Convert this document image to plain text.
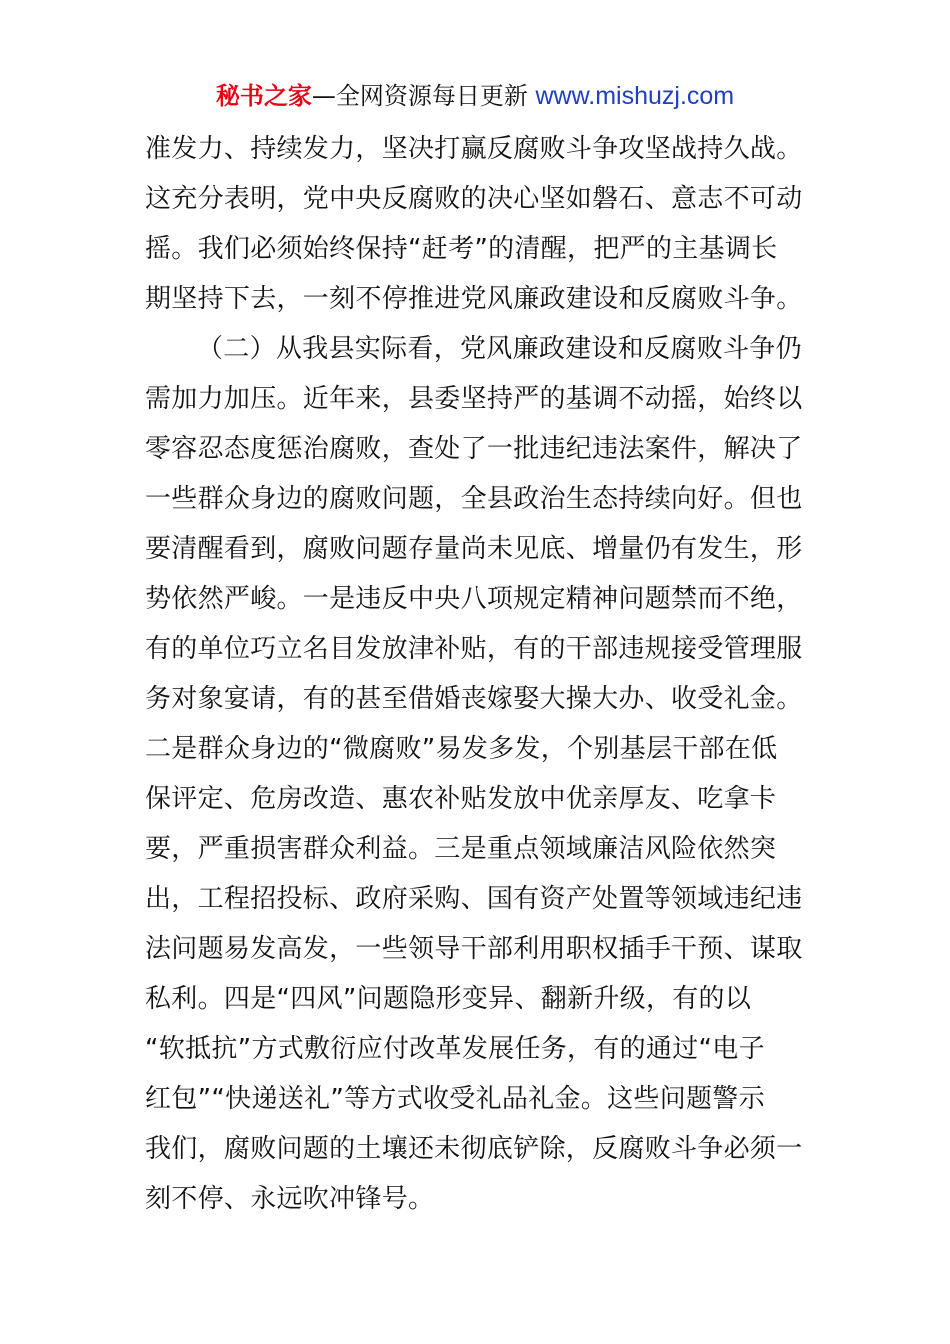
秘书之家—全网资源每日更新 www.mishuzj.com
准发力、持续发力，坚决打赢反腐败斗争攻坚战持久战。
这充分表明，党中央反腐败的决心坚如磐石、意志不可动
摇。我们必须始终保持“赶考”的清醒，把严的主基调长
期坚持下去，一刻不停推进党风廉政建设和反腐败斗争。
（二）从我县实际看，党风廉政建设和反腐败斗争仍
需加力加压。近年来，县委坚持严的基调不动摇，始终以
零容忍态度惩治腐败，查处了一批违纪违法案件，解决了
一些群众身边的腐败问题，全县政治生态持续向好。但也
要清醒看到，腐败问题存量尚未见底、增量仍有发生，形
势依然严峻。一是违反中央八项规定精神问题禁而不绝，
有的单位巧立名目发放津补贴，有的干部违规接受管理服
务对象宴请，有的甚至借婚丧嫁娶大操大办、收受礼金。
二是群众身边的“微腐败”易发多发，个别基层干部在低
保评定、危房改造、惠农补贴发放中优亲厚友、吃拿卡
要，严重损害群众利益。三是重点领域廉洁风险依然突
出，工程招投标、政府采购、国有资产处置等领域违纪违
法问题易发高发，一些领导干部利用职权插手干预、谋取
私利。四是“四风”问题隐形变异、翻新升级，有的以
“软抵抗”方式敷衍应付改革发展任务，有的通过“电子
红包”“快递送礼”等方式收受礼品礼金。这些问题警示
我们，腐败问题的土壤还未彻底铲除，反腐败斗争必须一
刻不停、永远吹冲锋号。
